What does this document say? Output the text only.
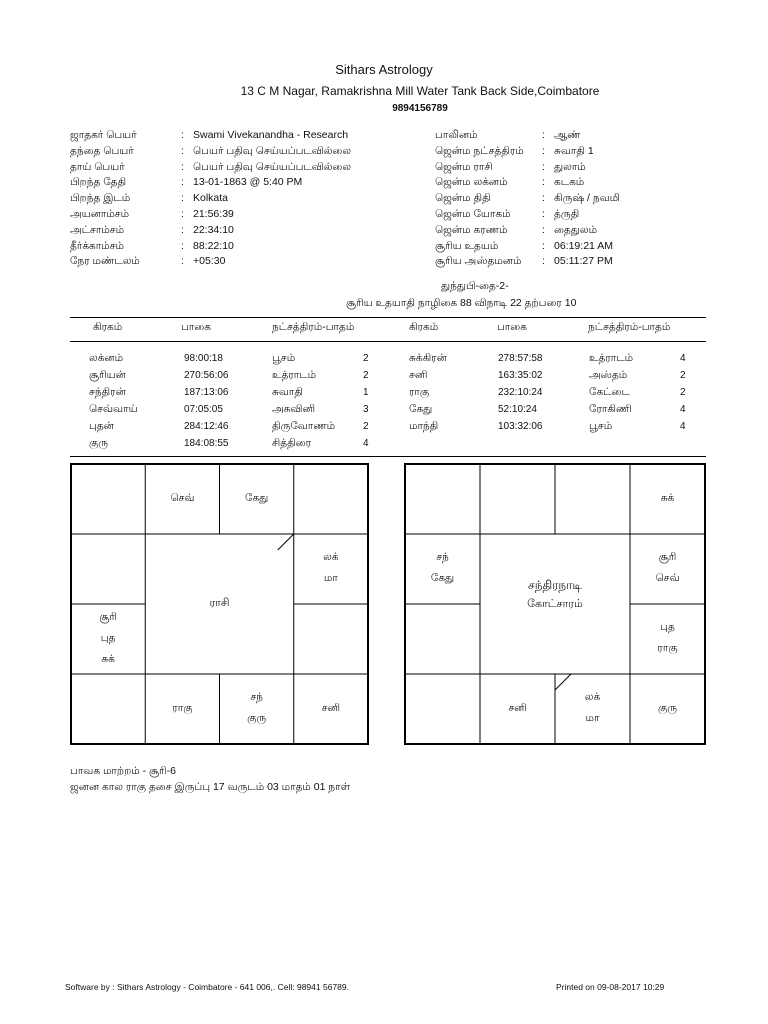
Sithars Astrology
13 C M Nagar, Ramakrishna Mill Water Tank Back Side,Coimbatore
9894156789
ஜாதகர் பெயர்	: Swami Vivekanandha - Research
தந்தை பெயர்	: பெயர் பதிவு செய்யப்படவில்லை
தாய் பெயர்	: பெயர் பதிவு செய்யப்படவில்லை
பிறந்த தேதி	: 13-01-1863 @ 5:40 PM
பிறந்த இடம்	: Kolkata
அயனாம்சம்	: 21:56:39
அட்சாம்சம்	: 22:34:10
தீர்க்காம்சம்	: 88:22:10
நேர மண்டலம்	: +05:30
பாலினம்	: ஆண்
ஜென்ம நட்சத்திரம் : சுவாதி 1
ஜென்ம ராசி	: துலாம்
ஜென்ம லக்னம்	: கடகம்
ஜென்ம திதி	: கிருஷ் / நவமி
ஜென்ம யோகம்	: த்ருதி
ஜென்ம கரணம்	: தைதுலம்
சூரிய உதயம்	: 06:19:21 AM
சூரிய அஸ்தமனம் : 05:11:27 PM
துந்துபி-தை-2-
சூரிய உதயாதி நாழிகை 88 விநாடி 22 தற்பரை 10
கிரகம்	பாகை	நட்சத்திரம்-பாதம்	கிரகம்	பாகை	நட்சத்திரம்-பாதம்
லக்னம்	98:00:18	பூசம்	2
சூரியன்	270:56:06	உத்ராடம்	2
சந்திரன்	187:13:06	சுவாதி	1
செவ்வாய்	07:05:05	அசுவினி	3
புதன்	284:12:46	திருவோணம்	2
குரு	184:08:55	சித்திரை	4
சுக்கிரன்	278:57:58	உத்ராடம்	4
சனி	163:35:02	அஸ்தம்	2
ராகு	232:10:24	கேட்டை	2
கேது	52:10:24	ரோகிணி	4
மாந்தி	103:32:06	பூசம்	4
செவ்	கேது
லக்
மா
சூரி
புத
சுக்
ராகு
சந்
குரு
சனி
ராசி
சுக்
சந்
கேது
சூரி
செவ்
புத
ராகு
சனி
லக்
மா
குரு
சந்திரநாடி
கோட்சாரம்
பாவக மாற்றம் - சூரி-6
ஜனன கால ராகு தசை இருப்பு 17 வருடம் 03 மாதம் 01 நாள்
Software by : Sithars Astrology - Coimbatore - 641 006,. Cell: 98941 56789.	Printed on 09-08-2017 10:29
